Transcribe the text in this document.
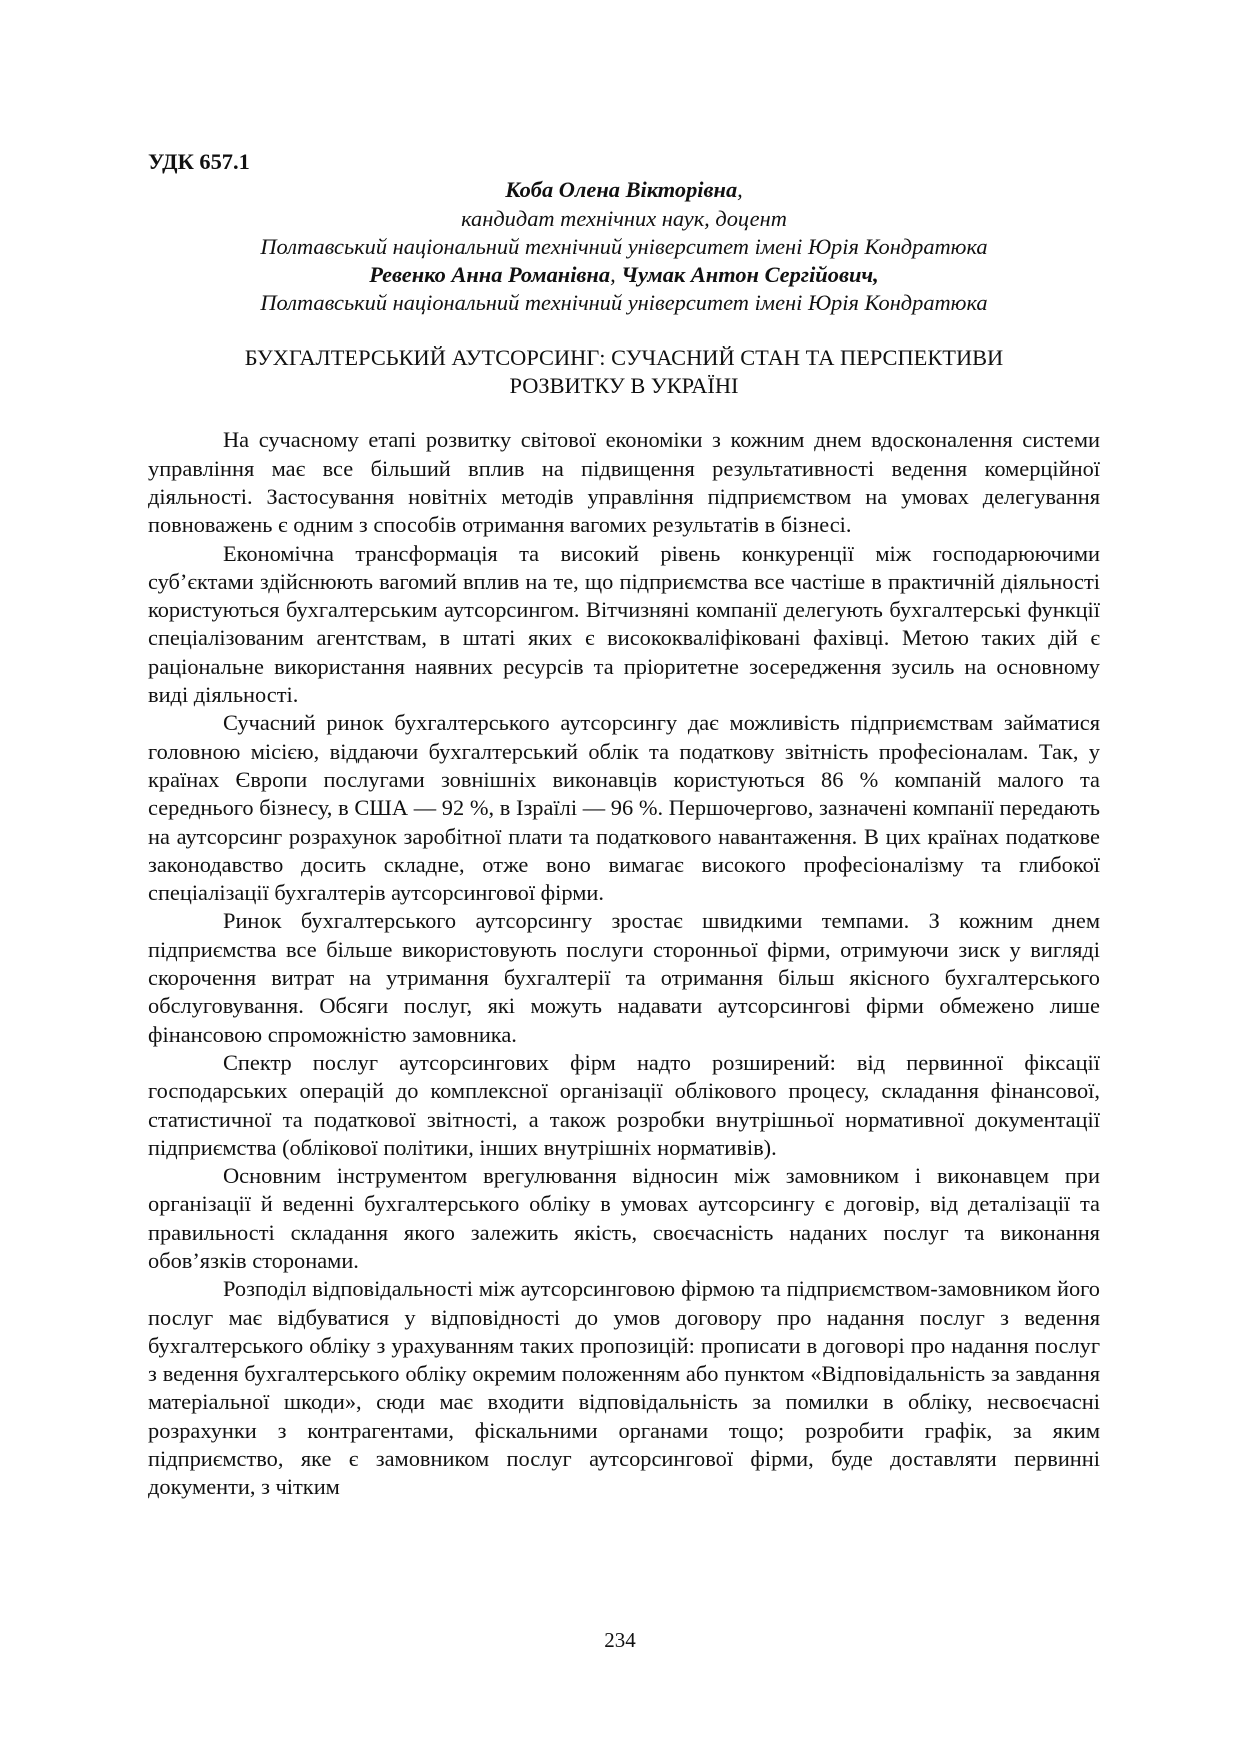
УДК 657.1

Коба Олена Вікторівна,

кандидат технічних наук, доцент

Полтавський національний технічний університет імені Юрія Кондратюка

Ревенко Анна Романівна, Чумак Антон Сергійович,

Полтавський національний технічний університет імені Юрія Кондратюка

БУХГАЛТЕРСЬКИЙ АУТСОРСИНГ: СУЧАСНИЙ СТАН ТА ПЕРСПЕКТИВИ

РОЗВИТКУ В УКРАЇНІ

На сучасному етапі розвитку світової економіки з кожним днем вдосконалення системи управління має все більший вплив на підвищення результативності ведення комерційної діяльності. Застосування новітніх методів управління підприємством на умовах делегування повноважень є одним з способів отримання вагомих результатів в бізнесі.

Економічна трансформація та високий рівень конкуренції між господарюючими суб’єктами здійснюють вагомий вплив на те, що підприємства все частіше в практичній діяльності користуються бухгалтерським аутсорсингом. Вітчизняні компанії делегують бухгалтерські функції спеціалізованим агентствам, в штаті яких є висококваліфіковані фахівці. Метою таких дій є раціональне використання наявних ресурсів та пріоритетне зосередження зусиль на основному виді діяльності.

Сучасний ринок бухгалтерського аутсорсингу дає можливість підприємствам займатися головною місією, віддаючи бухгалтерський облік та податкову звітність професіоналам. Так, у країнах Європи послугами зовнішніх виконавців користуються 86 % компаній малого та середнього бізнесу, в США — 92 %, в Ізраїлі — 96 %. Першочергово, зазначені компанії передають на аутсорсинг розрахунок заробітної плати та податкового навантаження. В цих країнах податкове законодавство досить складне, отже воно вимагає високого професіоналізму та глибокої спеціалізації бухгалтерів аутсорсингової фірми.

Ринок бухгалтерського аутсорсингу зростає швидкими темпами. З кожним днем підприємства все більше використовують послуги сторонньої фірми, отримуючи зиск у вигляді скорочення витрат на утримання бухгалтерії та отримання більш якісного бухгалтерського обслуговування. Обсяги послуг, які можуть надавати аутсорсингові фірми обмежено лише фінансовою спроможністю замовника.

Спектр послуг аутсорсингових фірм надто розширений: від первинної фіксації господарських операцій до комплексної організації облікового процесу, складання фінансової, статистичної та податкової звітності, а також розробки внутрішньої нормативної документації підприємства (облікової політики, інших внутрішніх нормативів).

Основним інструментом врегулювання відносин між замовником і виконавцем при організації й веденні бухгалтерського обліку в умовах аутсорсингу є договір, від деталізації та правильності складання якого залежить якість, своєчасність наданих послуг та виконання обов’язків сторонами.

Розподіл відповідальності між аутсорсинговою фірмою та підприємством-замовником його послуг має відбуватися у відповідності до умов договору про надання послуг з ведення бухгалтерського обліку з урахуванням таких пропозицій: прописати в договорі про надання послуг з ведення бухгалтерського обліку окремим положенням або пунктом «Відповідальність за завдання матеріальної шкоди», сюди має входити відповідальність за помилки в обліку, несвоєчасні розрахунки з контрагентами, фіскальними органами тощо; розробити графік, за яким підприємство, яке є замовником послуг аутсорсингової фірми, буде доставляти первинні документи, з чітким

234
